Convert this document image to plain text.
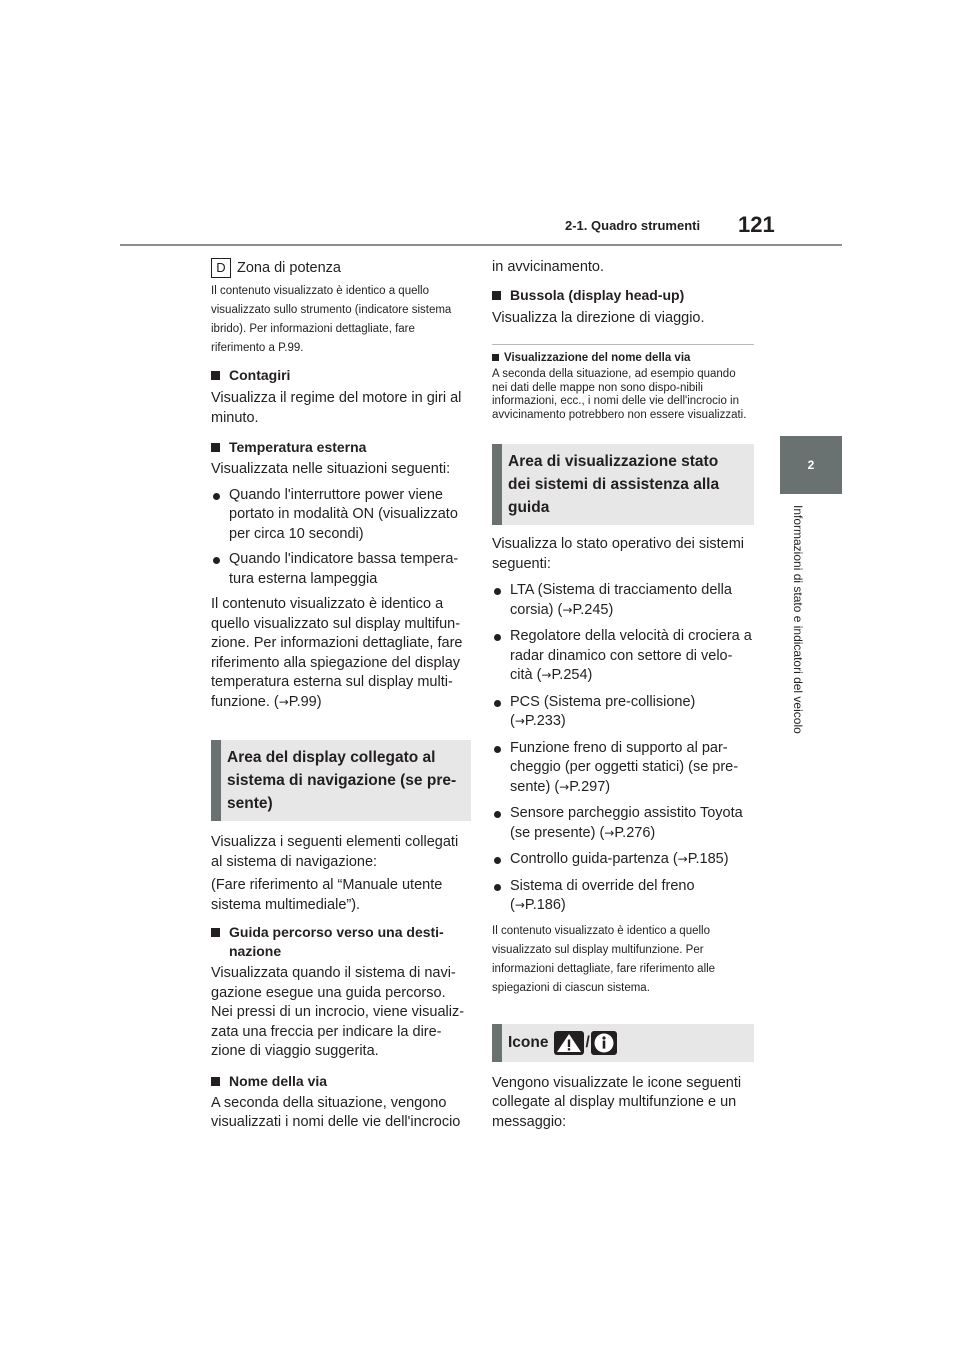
2-1. Quadro strumenti 121
2
Informazioni di stato e indicatori del veicolo

D Zona di potenza

Il contenuto visualizzato è identico a quello visualizzato sullo strumento (indicatore sistema ibrido). Per informazioni dettagliate, fare riferimento a P.99.

Contagiri

Visualizza il regime del motore in giri al minuto.

Temperatura esterna

Visualizzata nelle situazioni seguenti:

Quando l'interruttore power viene portato in modalità ON (visualizzato per circa 10 secondi)
Quando l'indicatore bassa tempera-tura esterna lampeggia

Il contenuto visualizzato è identico a quello visualizzato sul display multifun-zione. Per informazioni dettagliate, fare riferimento alla spiegazione del display temperatura esterna sul display multi-funzione. (→P.99)

Area del display collegato al sistema di navigazione (se pre-sente)

Visualizza i seguenti elementi collegati al sistema di navigazione:

(Fare riferimento al “Manuale utente sistema multimediale”).

Guida percorso verso una desti-nazione

Visualizzata quando il sistema di navi-gazione esegue una guida percorso. Nei pressi di un incrocio, viene visualiz-zata una freccia per indicare la dire-zione di viaggio suggerita.

Nome della via

A seconda della situazione, vengono visualizzati i nomi delle vie dell'incrocio

in avvicinamento.

Bussola (display head-up)

Visualizza la direzione di viaggio.

Visualizzazione del nome della via

A seconda della situazione, ad esempio quando nei dati delle mappe non sono dispo-nibili informazioni, ecc., i nomi delle vie dell'incrocio in avvicinamento potrebbero non essere visualizzati.

Area di visualizzazione stato dei sistemi di assistenza alla guida

Visualizza lo stato operativo dei sistemi seguenti:

LTA (Sistema di tracciamento della corsia) (→P.245)
Regolatore della velocità di crociera a radar dinamico con settore di velo-cità (→P.254)
PCS (Sistema pre-collisione) (→P.233)
Funzione freno di supporto al par-cheggio (per oggetti statici) (se pre-sente) (→P.297)
Sensore parcheggio assistito Toyota (se presente) (→P.276)
Controllo guida-partenza (→P.185)
Sistema di override del freno (→P.186)

Il contenuto visualizzato è identico a quello visualizzato sul display multifunzione. Per informazioni dettagliate, fare riferimento alle spiegazioni di ciascun sistema.

Icone /

Vengono visualizzate le icone seguenti collegate al display multifunzione e un messaggio:
